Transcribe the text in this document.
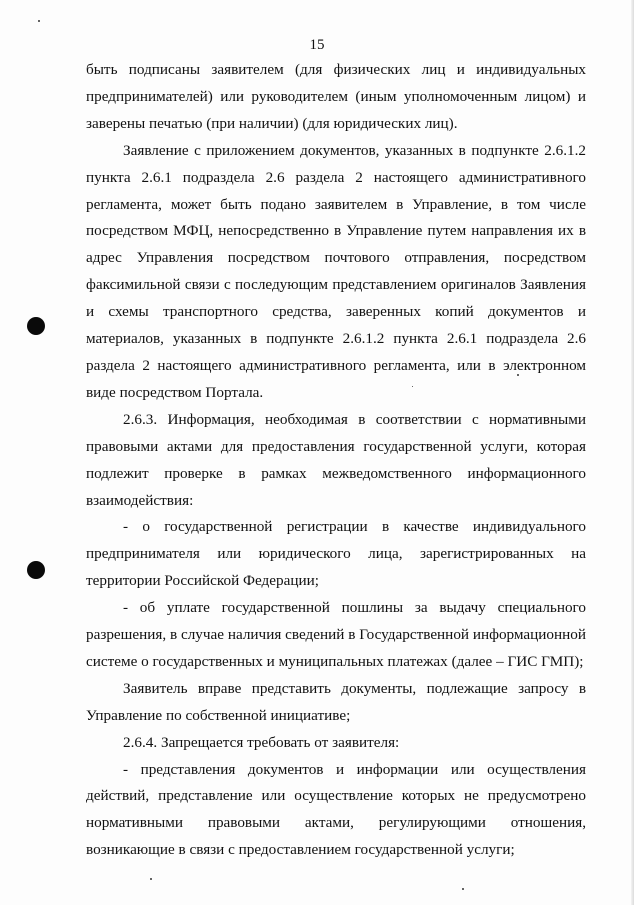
15

быть подписаны заявителем (для физических лиц и индивидуальных предпринимателей) или руководителем (иным уполномоченным лицом) и заверены печатью (при наличии) (для юридических лиц).

Заявление с приложением документов, указанных в подпункте 2.6.1.2 пункта 2.6.1 подраздела 2.6 раздела 2 настоящего административного регламента, может быть подано заявителем в Управление, в том числе посредством МФЦ, непосредственно в Управление путем направления их в адрес Управления посредством почтового отправления, посредством факсимильной связи с последующим представлением оригиналов Заявления и схемы транспортного средства, заверенных копий документов и материалов, указанных в подпункте 2.6.1.2 пункта 2.6.1 подраздела 2.6 раздела 2 настоящего административного регламента, или в электронном виде посредством Портала.

2.6.3. Информация, необходимая в соответствии с нормативными правовыми актами для предоставления государственной услуги, которая подлежит проверке в рамках межведомственного информационного взаимодействия:

- о государственной регистрации в качестве индивидуального предпринимателя или юридического лица, зарегистрированных на территории Российской Федерации;

- об уплате государственной пошлины за выдачу специального разрешения, в случае наличия сведений в Государственной информационной системе о государственных и муниципальных платежах (далее – ГИС ГМП);

Заявитель вправе представить документы, подлежащие запросу в Управление по собственной инициативе;

2.6.4. Запрещается требовать от заявителя:

- представления документов и информации или осуществления действий, представление или осуществление которых не предусмотрено нормативными правовыми актами, регулирующими отношения, возникающие в связи с предоставлением государственной услуги;
